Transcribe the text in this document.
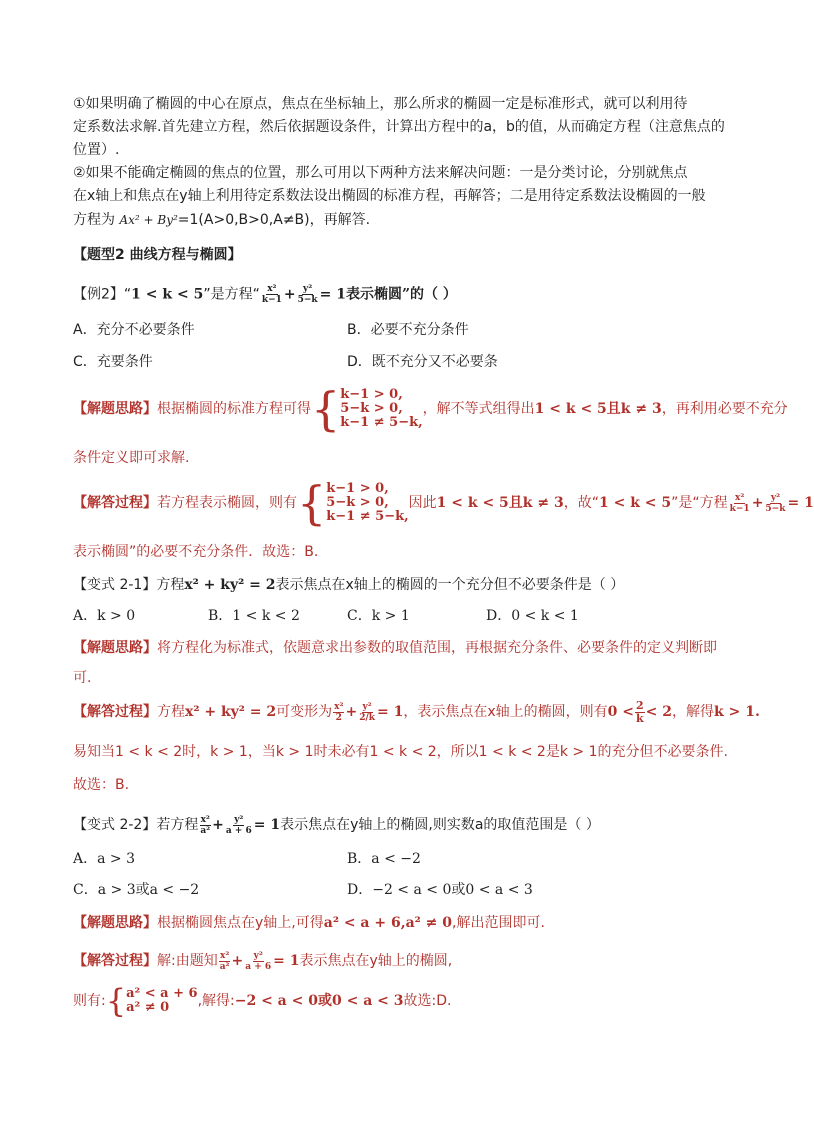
①如果明确了椭圆的中心在原点，焦点在坐标轴上，那么所求的椭圆一定是标准形式，就可以利用待
定系数法求解.首先建立方程，然后依据题设条件，计算出方程中的a，b的值，从而确定方程（注意焦点的
位置）.
②如果不能确定椭圆的焦点的位置，那么可用以下两种方法来解决问题：一是分类讨论，分别就焦点
在x轴上和焦点在y轴上利用待定系数法设出椭圆的标准方程，再解答；二是用待定系数法设椭圆的一般
方程为 Ax² + By²=1(A>0,B>0,A≠B)，再解答.
【题型2 曲线方程与椭圆】
【例2】“1 < k < 5”是方程“ $\frac{\text{x²}}{k-1} + \frac{\text{y²}}{5-k} = 1$表示椭圆”的（ ）
A．充分不必要条件	B．必要不充分条件
C．充要条件	D．既不充分又不必要条
【解题思路】根据椭圆的标准方程可得 { k−1 > 0,
5−k > 0,
k−1 ≠ 5−k,
，解不等式组得出1 < k < 5且k ≠ 3，再利用必要不充分
条件定义即可求解.
【解答过程】若方程表示椭圆，则有 { k−1 > 0,
5−k > 0,
k−1 ≠ 5−k,
因此1 < k < 5且k ≠ 3，故“1 < k < 5”是“方程 $\frac{\text{x²}}{k-1} + \frac{\text{y²}}{5-k} = 1$
表示椭圆”的必要不充分条件．故选：B.
【变式 2-1】方程x² + ky² = 2表示焦点在x轴上的椭圆的一个充分但不必要条件是（ ）
A．k > 0	B．1 < k < 2	C．k > 1	D．0 < k < 1
【解题思路】将方程化为标准式，依题意求出参数的取值范围，再根据充分条件、必要条件的定义判断即
可.
【解答过程】方程x² + ky² = 2可变形为 $\frac{\text{x²}}{2} + \frac{\text{y²}}{2/k} = 1$，表示焦点在x轴上的椭圆，则有$0 < \frac{2}{k} < 2$，解得k > 1.
易知当1 < k < 2时，k > 1，当k > 1时未必有1 < k < 2，所以1 < k < 2是k > 1的充分但不必要条件.
故选：B.
【变式 2-2】若方程 $\frac{\text{x²}}{\text{a²}} + \frac{\text{y²}}{a + 6} = 1$表示焦点在y轴上的椭圆,则实数a的取值范围是（ ）
A．a > 3	B．a < −2
C．a > 3或a < −2	D．−2 < a < 0或0 < a < 3
【解题思路】根据椭圆焦点在y轴上,可得a² < a + 6,a² ≠ 0,解出范围即可.
【解答过程】解:由题知 $\frac{\text{x²}}{\text{a²}} + \frac{\text{y²}}{a + 6} = 1$表示焦点在y轴上的椭圆,
则有: { a² < a + 6
a² ≠ 0	,解得:−2 < a < 0或0 < a < 3故选:D.
